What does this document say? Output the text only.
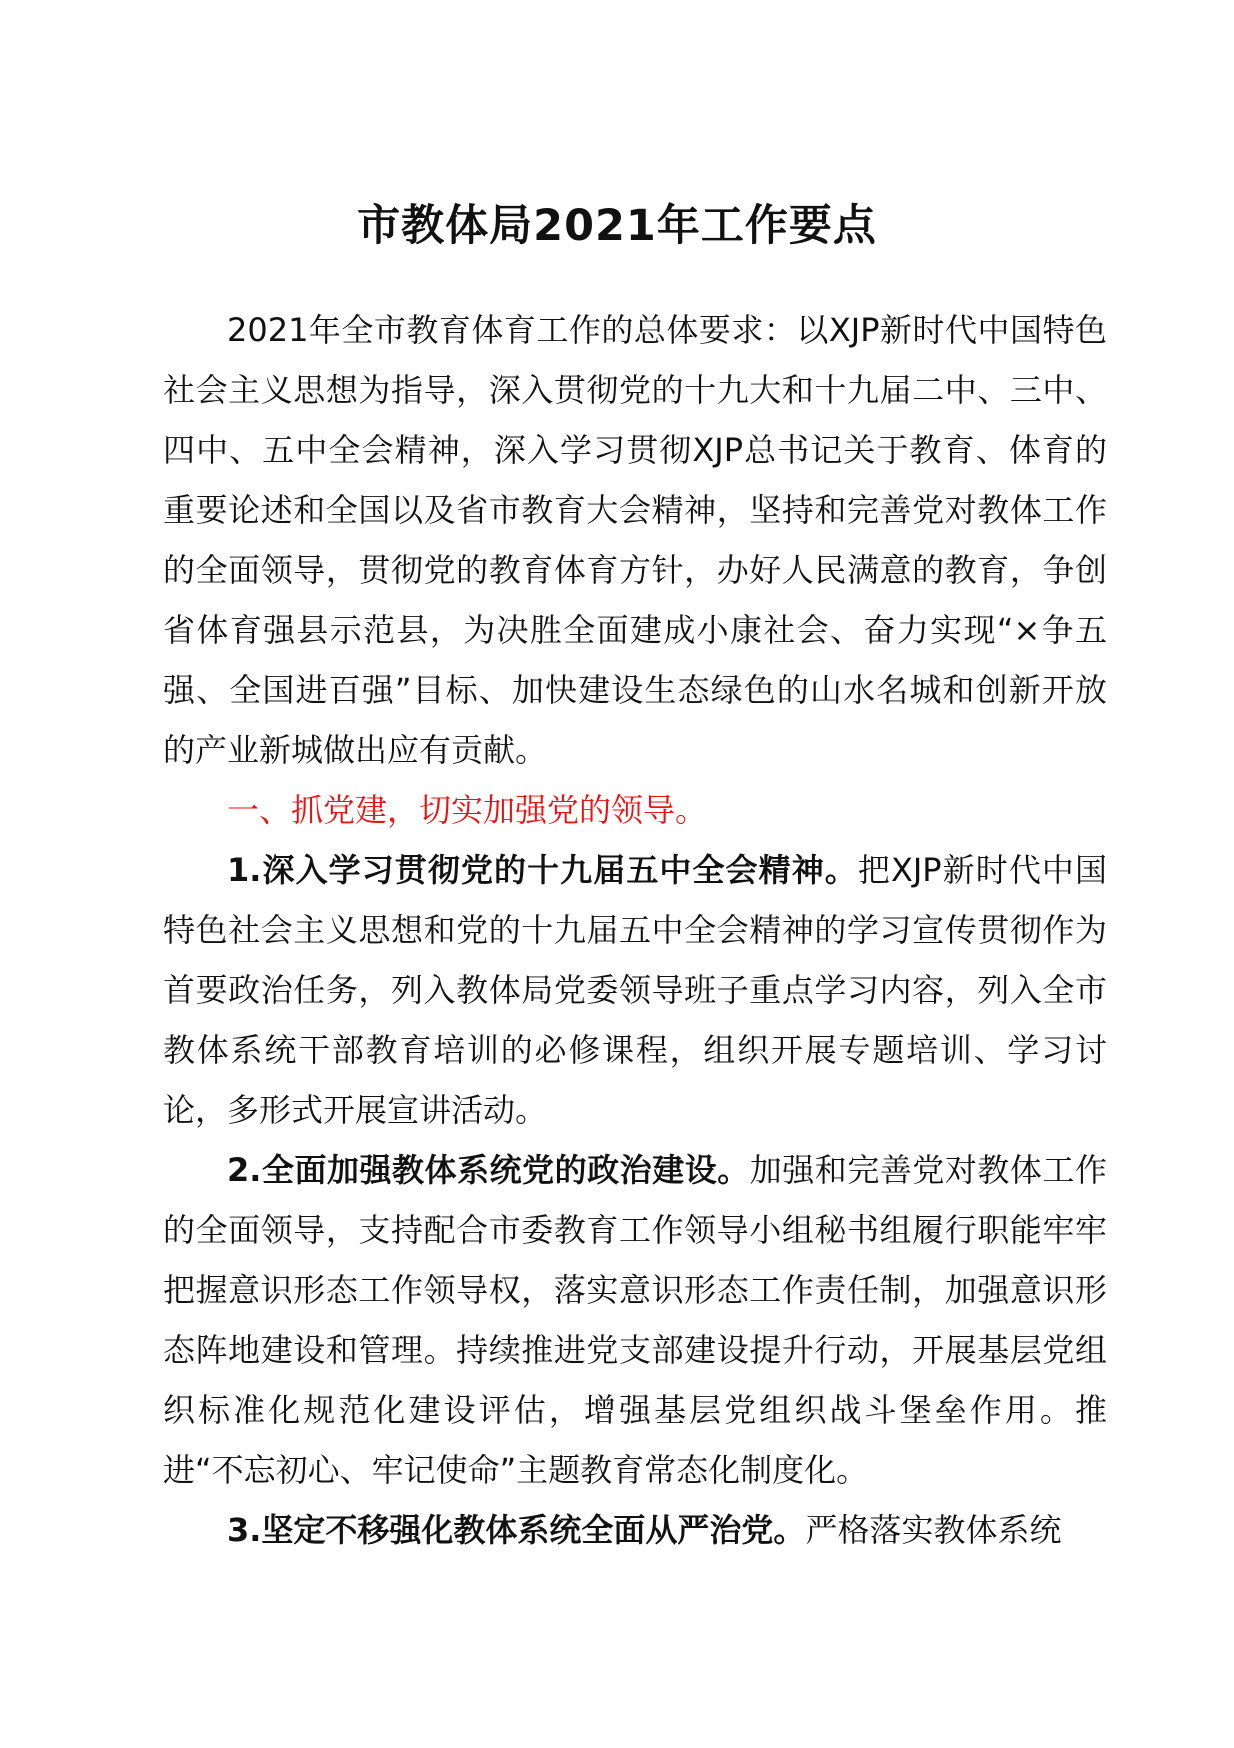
市教体局2021年工作要点

2021年全市教育体育工作的总体要求：以XJP新时代中国特色社会主义思想为指导，深入贯彻党的十九大和十九届二中、三中、四中、五中全会精神，深入学习贯彻XJP总书记关于教育、体育的重要论述和全国以及省市教育大会精神，坚持和完善党对教体工作的全面领导，贯彻党的教育体育方针，办好人民满意的教育，争创省体育强县示范县，为决胜全面建成小康社会、奋力实现“×争五强、全国进百强”目标、加快建设生态绿色的山水名城和创新开放的产业新城做出应有贡献。

一、抓党建，切实加强党的领导。

1.深入学习贯彻党的十九届五中全会精神。把XJP新时代中国特色社会主义思想和党的十九届五中全会精神的学习宣传贯彻作为首要政治任务，列入教体局党委领导班子重点学习内容，列入全市教体系统干部教育培训的必修课程，组织开展专题培训、学习讨论，多形式开展宣讲活动。

2.全面加强教体系统党的政治建设。加强和完善党对教体工作的全面领导，支持配合市委教育工作领导小组秘书组履行职能牢牢把握意识形态工作领导权，落实意识形态工作责任制，加强意识形态阵地建设和管理。持续推进党支部建设提升行动，开展基层党组织标准化规范化建设评估，增强基层党组织战斗堡垒作用。推进“不忘初心、牢记使命”主题教育常态化制度化。

3.坚定不移强化教体系统全面从严治党。严格落实教体系统
